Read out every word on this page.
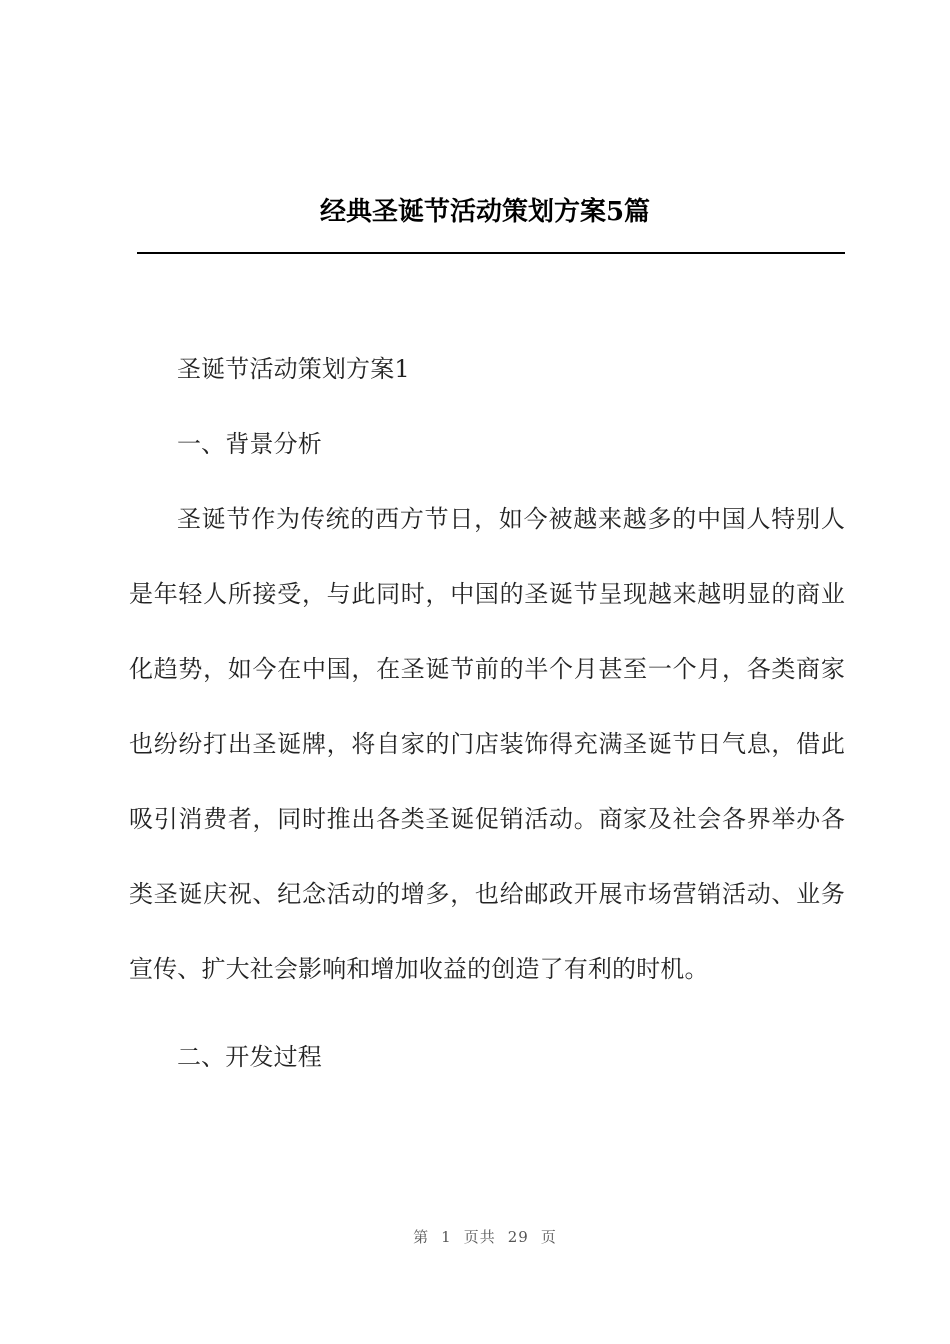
经典圣诞节活动策划方案5篇

圣诞节活动策划方案1

一、背景分析

圣诞节作为传统的西方节日，如今被越来越多的中国人特别人是年轻人所接受，与此同时，中国的圣诞节呈现越来越明显的商业化趋势，如今在中国，在圣诞节前的半个月甚至一个月，各类商家也纷纷打出圣诞牌，将自家的门店装饰得充满圣诞节日气息，借此吸引消费者，同时推出各类圣诞促销活动。商家及社会各界举办各类圣诞庆祝、纪念活动的增多，也给邮政开展市场营销活动、业务宣传、扩大社会影响和增加收益的创造了有利的时机。

二、开发过程

第 1 页共 29 页
